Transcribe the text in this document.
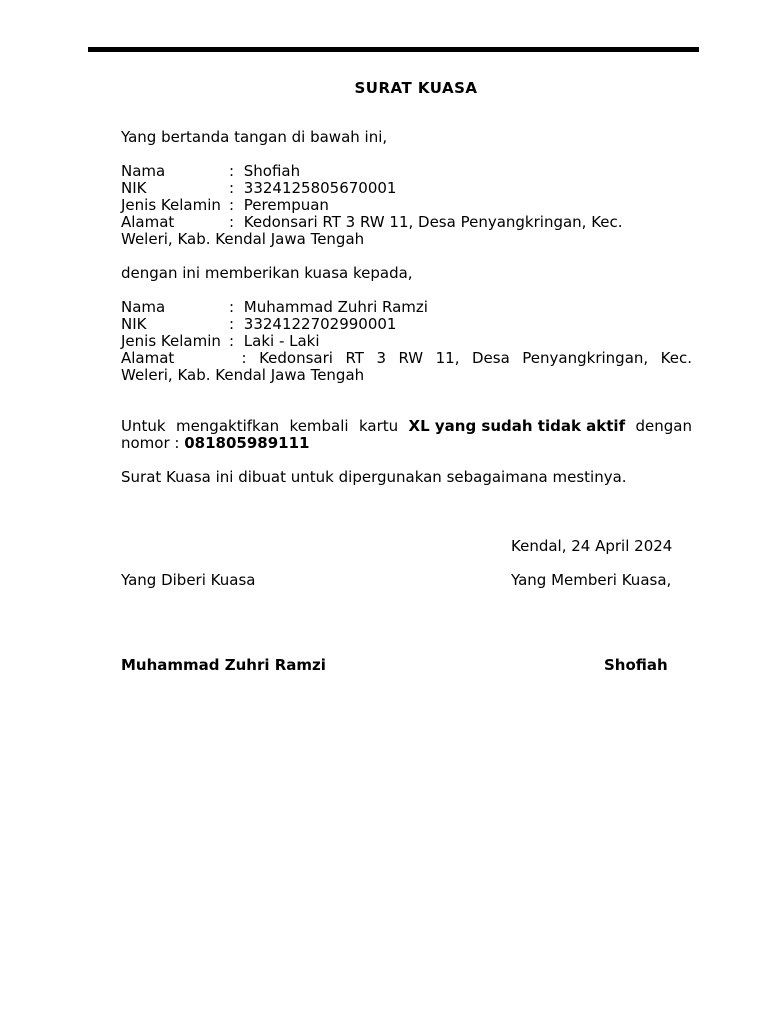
SURAT KUASA
Yang bertanda tangan di bawah ini,
Nama	: Shofiah
NIK	: 3324125805670001
Jenis Kelamin : Perempuan
Alamat	: Kedonsari RT 3 RW 11, Desa Penyangkringan, Kec.
Weleri, Kab. Kendal Jawa Tengah
dengan ini memberikan kuasa kepada,
Nama	: Muhammad Zuhri Ramzi
NIK	: 3324122702990001
Jenis Kelamin : Laki - Laki
Alamat	: Kedonsari RT 3 RW 11, Desa Penyangkringan, Kec.
Weleri, Kab. Kendal Jawa Tengah
Untuk mengaktifkan kembali kartu XL yang sudah tidak aktif dengan
nomor : 081805989111
Surat Kuasa ini dibuat untuk dipergunakan sebagaimana mestinya.
Kendal, 24 April 2024
Yang Diberi Kuasa	Yang Memberi Kuasa,
Muhammad Zuhri Ramzi	Shofiah
